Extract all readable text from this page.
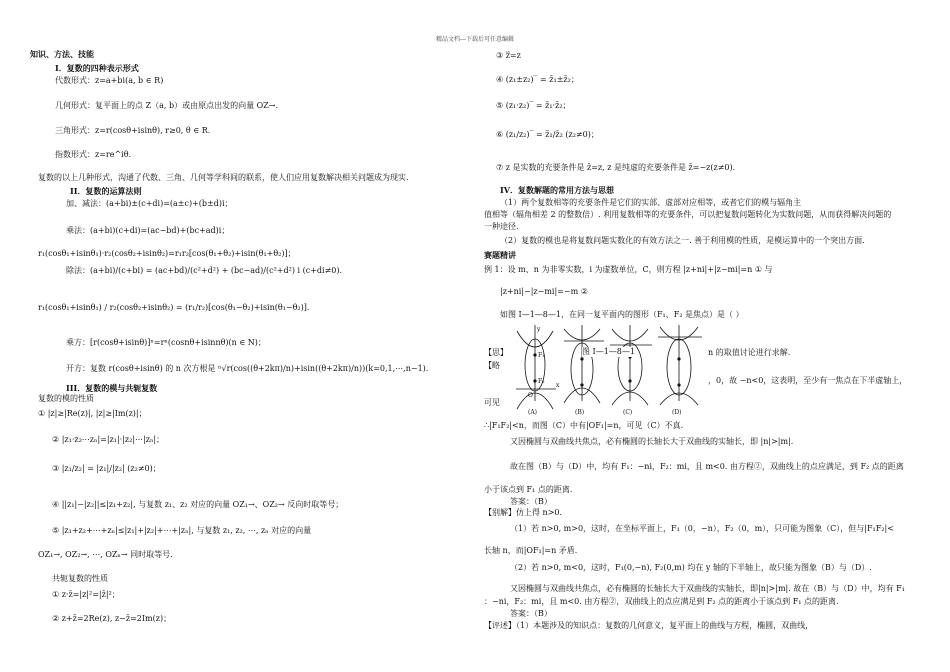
精品文档---下载后可任意编辑
知识、方法、技能
I．复数的四种表示形式
代数形式：z=a+bi(a, b ∈ R)
几何形式：复平面上的点 Z（a, b）或由原点出发的向量 OZ→.
三角形式：z=r(cosθ+isinθ), r≥0, θ ∈ R.
指数形式：z=re^iθ.
复数的以上几种形式，沟通了代数、三角、几何等学科间的联系，使人们应用复数解决相关问题成为现实.
II．复数的运算法则
加、减法：(a+bi)±(c+di)=(a±c)+(b±d)i；
乘法：(a+bi)(c+di)=(ac−bd)+(bc+ad)i；
r₁(cosθ₁+isinθ₁)·r₂(cosθ₂+isinθ₂)=r₁r₂[cos(θ₁+θ₂)+isin(θ₁+θ₂)]；
除法：(a+bi)/(c+bi) = (ac+bd)/(c²+d²) + (bc−ad)/(c²+d²) i (c+di≠0).
r₁(cosθ₁+isinθ₁) / r₂(cosθ₂+isinθ₂) = (r₁/r₂)[cos(θ₁−θ₂)+isin(θ₁−θ₂)].
乘方：[r(cosθ+isinθ)]ⁿ=rⁿ(cosnθ+isinnθ)(n ∈ N)；
开方：复数 r(cosθ+isinθ) 的 n 次方根是 ⁿ√r(cos((θ+2kπ)/n)+isin((θ+2kπ)/n))(k=0,1,⋯,n−1).
III．复数的模与共轭复数
复数的模的性质
① |z|≥|Re(z)|, |z|≥|Im(z)|；
② |z₁·z₂⋯zₙ|=|z₁|·|z₂|⋯|zₙ|；
③ |z₁/z₂| = |z₁|/|z₂| (z₂≠0)；
④ ||z₁|−|z₂||≤|z₁+z₂|, 与复数 z₁、z₂ 对应的向量 OZ₁→、OZ₂→ 反向时取等号；
⑤ |z₁+z₂+⋯+zₙ|≤|z₁|+|z₂|+⋯+|zₙ|, 与复数 z₁, z₂, ⋯, zₙ 对应的向量
OZ₁→, OZ₂→, ⋯, OZₙ→ 同时取等号.
共轭复数的性质
① z·z̄=|z|²=|z̄|²；
② z+z̄=2Re(z), z−z̄=2Im(z)；
③ z̿=z
④ (z₁±z₂)‾ = z̄₁±z̄₂；
⑤ (z₁·z₂)‾ = z̄₁·z̄₂；
⑥ (z₁/z₂)‾ = z̄₁/z̄₂ (z₂≠0)；
⑦ z 是实数的充要条件是 z̄=z, z 是纯虚的充要条件是 z̄=−z(z≠0).
IV．复数解题的常用方法与思想
（1）两个复数相等的充要条件是它们的实部、虚部对应相等，或者它们的模与辐角主
值相等（辐角相差 2 的整数倍）. 利用复数相等的充要条件，可以把复数问题转化为实数问题，从而获得解决问题的
一种途径.
（2）复数的模也是将复数问题实数化的有效方法之一. 善于利用模的性质，是模运算中的一个突出方面.
赛题精讲
例 1：设 m、n 为非零实数，i 为虚数单位，C，则方程 |z+ni|+|z−mi|=n ① 与
|z+ni|−|z−mi|=−m ②
如图 I—1—8—1，在同一复平面内的图形（F₁、F₂ 是焦点）是（ ）
【思】
【略
n 的取值讨论进行求解.
，0，故 −n<0，这表明，至少有一焦点在下半虚轴上，
可见
(A)	(B)	(C)	(D)
O
x
y
F₁
F₂
图 I—1—8—1
∴|F₁F₂|<n，而图（C）中有|OF₁|=n，可见（C）不真.
又因椭圆与双曲线共焦点，必有椭圆的长轴长大于双曲线的实轴长，即 |n|>|m|.
故在图（B）与（D）中，均有 F₁：−ni，F₂：mi，且 m<0. 由方程②，双曲线上的点应满足，到 F₂ 点的距离
小于该点到 F₁ 点的距离.
答案：（B）
【别解】仿上得 n>0.
（1）若 n>0, m>0，这时，在坐标平面上，F₁（0，−n），F₂（0，m），只可能为图象（C），但与|F₁F₂|<
长轴 n，而|OF₁|=n 矛盾.
（2）若 n>0, m<0，这时，F₁(0,−n), F₂(0,m) 均在 y 轴的下半轴上，故只能为图象（B）与（D）.
又因椭圆与双曲线共焦点，必有椭圆的长轴长大于双曲线的实轴长，即|n|>|m|. 故在（B）与（D）中，均有 F₁
：−ni，F₂：mi，且 m<0. 由方程②，双曲线上的点应满足到 F₂ 点的距离小于该点到 F₁ 点的距离.
答案：（B）
【评述】（1）本题涉及的知识点：复数的几何意义，复平面上的曲线与方程，椭圆，双曲线，
